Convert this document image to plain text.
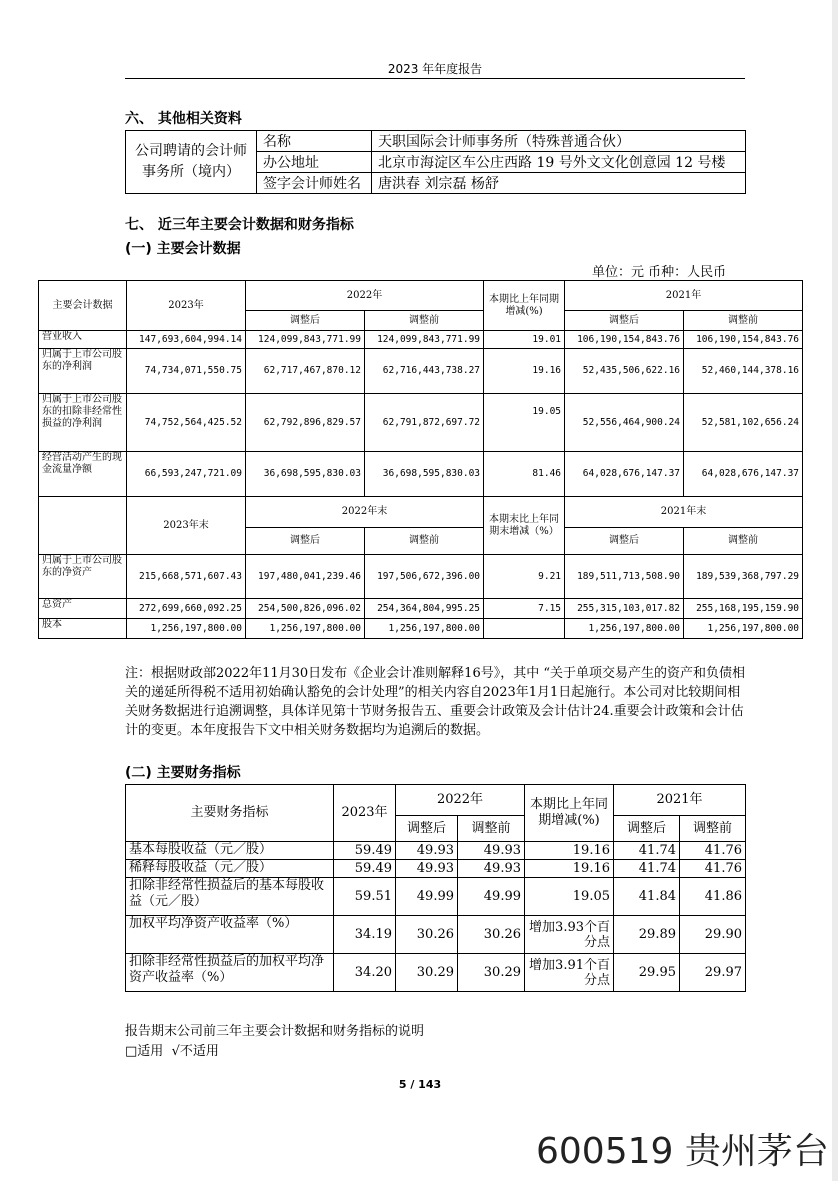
2023 年年度报告
六、 其他相关资料
公司聘请的会计师事务所（境内）	名称	天职国际会计师事务所（特殊普通合伙）
	办公地址	北京市海淀区车公庄西路 19 号外文文化创意园 12 号楼
	签字会计师姓名	唐洪春 刘宗磊 杨舒
七、 近三年主要会计数据和财务指标
(一) 主要会计数据
单位：元 币种：人民币
主要会计数据	2023年	2022年		本期比上年同期增减(%)	2021年	
		调整后	调整前		调整后	调整前
营业收入	147,693,604,994.14	124,099,843,771.99	124,099,843,771.99	19.01	106,190,154,843.76	106,190,154,843.76
归属于上市公司股东的净利润	74,734,071,550.75	62,717,467,870.12	62,716,443,738.27	19.16	52,435,506,622.16	52,460,144,378.16
归属于上市公司股东的扣除非经常性损益的净利润	74,752,564,425.52	62,792,896,829.57	62,791,872,697.72	19.05	52,556,464,900.24	52,581,102,656.24
经营活动产生的现金流量净额	66,593,247,721.09	36,698,595,830.03	36,698,595,830.03	81.46	64,028,676,147.37	64,028,676,147.37
	2023年末	2022年末		本期末比上年同期末增减（%）	2021年末	
		调整后	调整前		调整后	调整前
归属于上市公司股东的净资产	215,668,571,607.43	197,480,041,239.46	197,506,672,396.00	9.21	189,511,713,508.90	189,539,368,797.29
总资产	272,699,660,092.25	254,500,826,096.02	254,364,804,995.25	7.15	255,315,103,017.82	255,168,195,159.90
股本	1,256,197,800.00	1,256,197,800.00	1,256,197,800.00		1,256,197,800.00	1,256,197,800.00
注：根据财政部2022年11月30日发布《企业会计准则解释16号》，其中 “关于单项交易产生的资产和负债相关的递延所得税不适用初始确认豁免的会计处理”的相关内容自2023年1月1日起施行。本公司对比较期间相关财务数据进行追溯调整，具体详见第十节财务报告五、重要会计政策及会计估计24.重要会计政策和会计估计的变更。本年度报告下文中相关财务数据均为追溯后的数据。
(二) 主要财务指标
主要财务指标	2023年	2022年		本期比上年同期增减(%)	2021年	
		调整后	调整前		调整后	调整前
基本每股收益（元／股）	59.49	49.93	49.93	19.16	41.74	41.76
稀释每股收益（元／股）	59.49	49.93	49.93	19.16	41.74	41.76
扣除非经常性损益后的基本每股收益（元／股）	59.51	49.99	49.99	19.05	41.84	41.86
加权平均净资产收益率（%）	34.19	30.26	30.26	增加3.93个百分点	29.89	29.90
扣除非经常性损益后的加权平均净资产收益率（%）	34.20	30.29	30.29	增加3.91个百分点	29.95	29.97
报告期末公司前三年主要会计数据和财务指标的说明
□适用 √不适用
5 / 143
600519 贵州茅台
